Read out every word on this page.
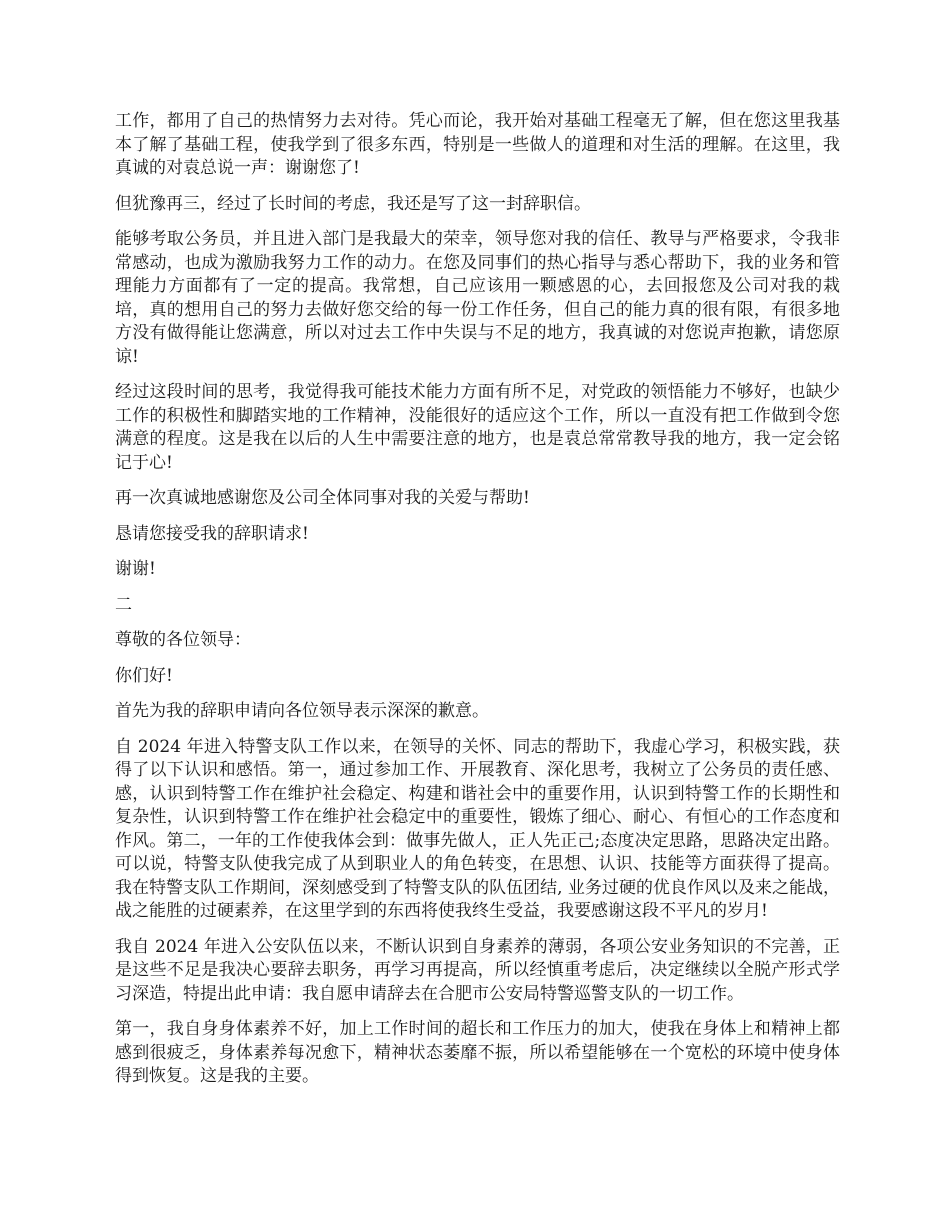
工作，都用了自己的热情努力去对待。凭心而论，我开始对基础工程毫无了解，但在您这里我基本了解了基础工程，使我学到了很多东西，特别是一些做人的道理和对生活的理解。在这里，我真诚的对袁总说一声：谢谢您了!

但犹豫再三，经过了长时间的考虑，我还是写了这一封辞职信。

能够考取公务员，并且进入部门是我最大的荣幸，领导您对我的信任、教导与严格要求，令我非常感动，也成为激励我努力工作的动力。在您及同事们的热心指导与悉心帮助下，我的业务和管理能力方面都有了一定的提高。我常想，自己应该用一颗感恩的心，去回报您及公司对我的栽培，真的想用自己的努力去做好您交给的每一份工作任务，但自己的能力真的很有限，有很多地方没有做得能让您满意，所以对过去工作中失误与不足的地方，我真诚的对您说声抱歉，请您原谅!

经过这段时间的思考，我觉得我可能技术能力方面有所不足，对党政的领悟能力不够好，也缺少工作的积极性和脚踏实地的工作精神，没能很好的适应这个工作，所以一直没有把工作做到令您满意的程度。这是我在以后的人生中需要注意的地方，也是袁总常常教导我的地方，我一定会铭记于心!

再一次真诚地感谢您及公司全体同事对我的关爱与帮助!

恳请您接受我的辞职请求!

谢谢!

二

尊敬的各位领导：

你们好!

首先为我的辞职申请向各位领导表示深深的歉意。

自 2024 年进入特警支队工作以来，在领导的关怀、同志的帮助下，我虚心学习，积极实践，获得了以下认识和感悟。第一，通过参加工作、开展教育、深化思考，我树立了公务员的责任感、感，认识到特警工作在维护社会稳定、构建和谐社会中的重要作用，认识到特警工作的长期性和复杂性，认识到特警工作在维护社会稳定中的重要性，锻炼了细心、耐心、有恒心的工作态度和作风。第二，一年的工作使我体会到：做事先做人，正人先正己;态度决定思路，思路决定出路。可以说，特警支队使我完成了从到职业人的角色转变，在思想、认识、技能等方面获得了提高。我在特警支队工作期间，深刻感受到了特警支队的队伍团结, 业务过硬的优良作风以及来之能战，战之能胜的过硬素养，在这里学到的东西将使我终生受益，我要感谢这段不平凡的岁月!

我自 2024 年进入公安队伍以来，不断认识到自身素养的薄弱，各项公安业务知识的不完善，正是这些不足是我决心要辞去职务，再学习再提高，所以经慎重考虑后，决定继续以全脱产形式学习深造，特提出此申请：我自愿申请辞去在合肥市公安局特警巡警支队的一切工作。

第一，我自身身体素养不好，加上工作时间的超长和工作压力的加大，使我在身体上和精神上都感到很疲乏，身体素养每况愈下，精神状态萎靡不振，所以希望能够在一个宽松的环境中使身体得到恢复。这是我的主要。
